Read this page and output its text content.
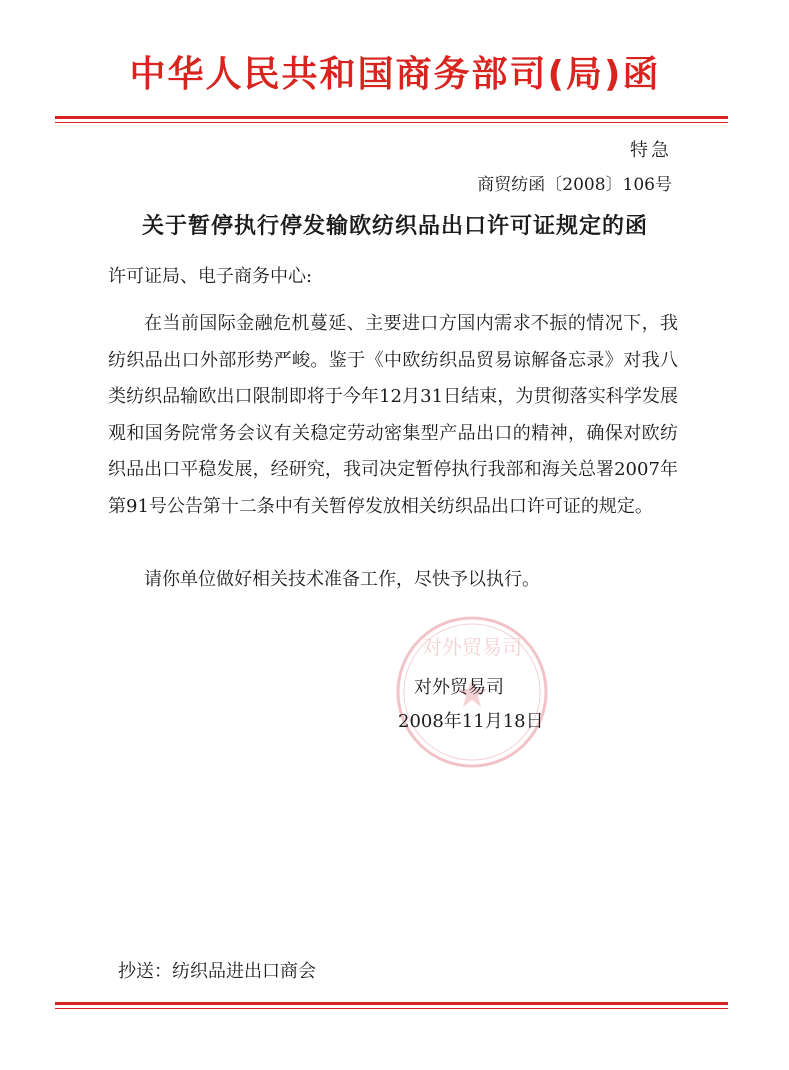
中华人民共和国商务部司(局)函
特急
商贸纺函〔2008〕106号
关于暂停执行停发输欧纺织品出口许可证规定的函
许可证局、电子商务中心:
在当前国际金融危机蔓延、主要进口方国内需求不振的情况下，我纺织品出口外部形势严峻。鉴于《中欧纺织品贸易谅解备忘录》对我八类纺织品输欧出口限制即将于今年12月31日结束，为贯彻落实科学发展观和国务院常务会议有关稳定劳动密集型产品出口的精神，确保对欧纺织品出口平稳发展，经研究，我司决定暂停执行我部和海关总署2007年第91号公告第十二条中有关暂停发放相关纺织品出口许可证的规定。
请你单位做好相关技术准备工作，尽快予以执行。
对外贸易司
对外贸易司
2008年11月18日
抄送：纺织品进出口商会
